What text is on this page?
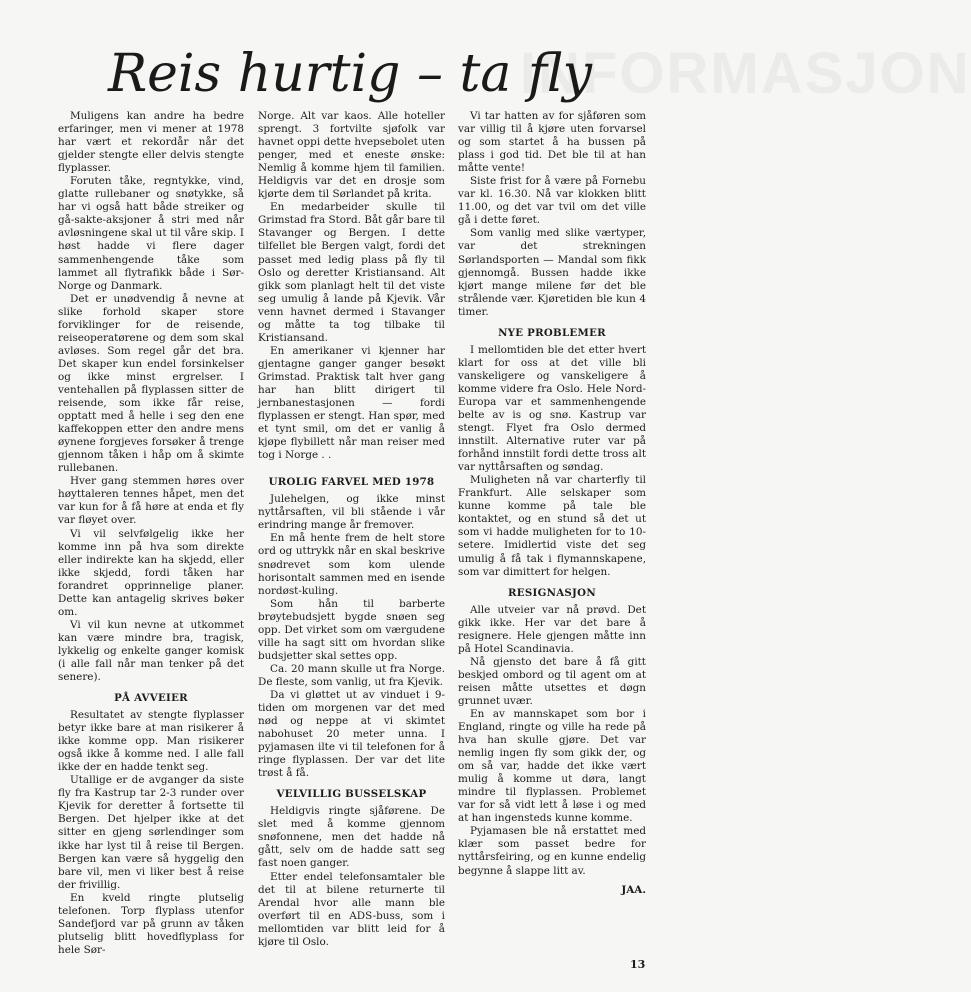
INFORMASJON
Reis hurtig – ta fly

Muligens kan andre ha bedre erfaringer, men vi mener at 1978 har vært et rekordår når det gjelder stengte eller delvis stengte flyplasser.

Foruten tåke, regntykke, vind, glatte rullebaner og snøtykke, så har vi også hatt både streiker og gå-sakte-aksjoner å stri med når avløsningene skal ut til våre skip. I høst hadde vi flere dager sammenhengende tåke som lammet all flytrafikk både i Sør-Norge og Danmark.

Det er unødvendig å nevne at slike forhold skaper store forviklinger for de reisende, reiseoperatørene og dem som skal avløses. Som regel går det bra. Det skaper kun endel forsinkelser og ikke minst ergrelser. I ventehallen på flyplassen sitter de reisende, som ikke får reise, opptatt med å helle i seg den ene kaffekoppen etter den andre mens øynene forgjeves forsøker å trenge gjennom tåken i håp om å skimte rullebanen.

Hver gang stemmen høres over høyttaleren tennes håpet, men det var kun for å få høre at enda et fly var fløyet over.

Vi vil selvfølgelig ikke her komme inn på hva som direkte eller indirekte kan ha skjedd, eller ikke skjedd, fordi tåken har forandret opprinnelige planer. Dette kan antagelig skrives bøker om.

Vi vil kun nevne at utkommet kan være mindre bra, tragisk, lykkelig og enkelte ganger komisk (i alle fall når man tenker på det senere).

PÅ AVVEIER

Resultatet av stengte flyplasser betyr ikke bare at man risikerer å ikke komme opp. Man risikerer også ikke å komme ned. I alle fall ikke der en hadde tenkt seg.

Utallige er de avganger da siste fly fra Kastrup tar 2-3 runder over Kjevik for deretter å fortsette til Bergen. Det hjelper ikke at det sitter en gjeng sørlendinger som ikke har lyst til å reise til Bergen. Bergen kan være så hyggelig den bare vil, men vi liker best å reise der frivillig.

En kveld ringte plutselig telefonen. Torp flyplass utenfor Sandefjord var på grunn av tåken plutselig blitt hovedflyplass for hele Sør-

Norge. Alt var kaos. Alle hoteller sprengt. 3 fortvilte sjøfolk var havnet oppi dette hvepsebolet uten penger, med et eneste ønske: Nemlig å komme hjem til familien. Heldigvis var det en drosje som kjørte dem til Sørlandet på krita.

En medarbeider skulle til Grimstad fra Stord. Båt går bare til Stavanger og Bergen. I dette tilfellet ble Bergen valgt, fordi det passet med ledig plass på fly til Oslo og deretter Kristiansand. Alt gikk som planlagt helt til det viste seg umulig å lande på Kjevik. Vår venn havnet dermed i Stavanger og måtte ta tog tilbake til Kristiansand.

En amerikaner vi kjenner har gjentagne ganger ganger besøkt Grimstad. Praktisk talt hver gang har han blitt dirigert til jernbanestasjonen — fordi flyplassen er stengt. Han spør, med et tynt smil, om det er vanlig å kjøpe flybillett når man reiser med tog i Norge . .

UROLIG FARVEL MED 1978

Julehelgen, og ikke minst nyttårsaften, vil bli stående i vår erindring mange år fremover.

En må hente frem de helt store ord og uttrykk når en skal beskrive snødrevet som kom ulende horisontalt sammen med en isende nordøst-kuling.

Som hån til barberte brøytebudsjett bygde snøen seg opp. Det virket som om værgudene ville ha sagt sitt om hvordan slike budsjetter skal settes opp.

Ca. 20 mann skulle ut fra Norge. De fleste, som vanlig, ut fra Kjevik.

Da vi gløttet ut av vinduet i 9-tiden om morgenen var det med nød og neppe at vi skimtet nabohuset 20 meter unna. I pyjamasen ilte vi til telefonen for å ringe flyplassen. Der var det lite trøst å få.

VELVILLIG BUSSELSKAP

Heldigvis ringte sjåførene. De slet med å komme gjennom snøfonnene, men det hadde nå gått, selv om de hadde satt seg fast noen ganger.

Etter endel telefonsamtaler ble det til at bilene returnerte til Arendal hvor alle mann ble overført til en ADS-buss, som i mellomtiden var blitt leid for å kjøre til Oslo.

Vi tar hatten av for sjåføren som var villig til å kjøre uten forvarsel og som startet å ha bussen på plass i god tid. Det ble til at han måtte vente!

Siste frist for å være på Fornebu var kl. 16.30. Nå var klokken blitt 11.00, og det var tvil om det ville gå i dette føret.

Som vanlig med slike værtyper, var det strekningen Sørlandsporten — Mandal som fikk gjennomgå. Bussen hadde ikke kjørt mange milene før det ble strålende vær. Kjøretiden ble kun 4 timer.

NYE PROBLEMER

I mellomtiden ble det etter hvert klart for oss at det ville bli vanskeligere og vanskeligere å komme videre fra Oslo. Hele Nord-Europa var et sammenhengende belte av is og snø. Kastrup var stengt. Flyet fra Oslo dermed innstilt. Alternative ruter var på forhånd innstilt fordi dette tross alt var nyttårsaften og søndag.

Muligheten nå var charterfly til Frankfurt. Alle selskaper som kunne komme på tale ble kontaktet, og en stund så det ut som vi hadde muligheten for to 10-setere. Imidlertid viste det seg umulig å få tak i flymannskapene, som var dimittert for helgen.

RESIGNASJON

Alle utveier var nå prøvd. Det gikk ikke. Her var det bare å resignere. Hele gjengen måtte inn på Hotel Scandinavia.

Nå gjensto det bare å få gitt beskjed ombord og til agent om at reisen måtte utsettes et døgn grunnet uvær.

En av mannskapet som bor i England, ringte og ville ha rede på hva han skulle gjøre. Det var nemlig ingen fly som gikk der, og om så var, hadde det ikke vært mulig å komme ut døra, langt mindre til flyplassen. Problemet var for så vidt lett å løse i og med at han ingensteds kunne komme.

Pyjamasen ble nå erstattet med klær som passet bedre for nyttårsfeiring, og en kunne endelig begynne å slappe litt av.

JAA.
13
